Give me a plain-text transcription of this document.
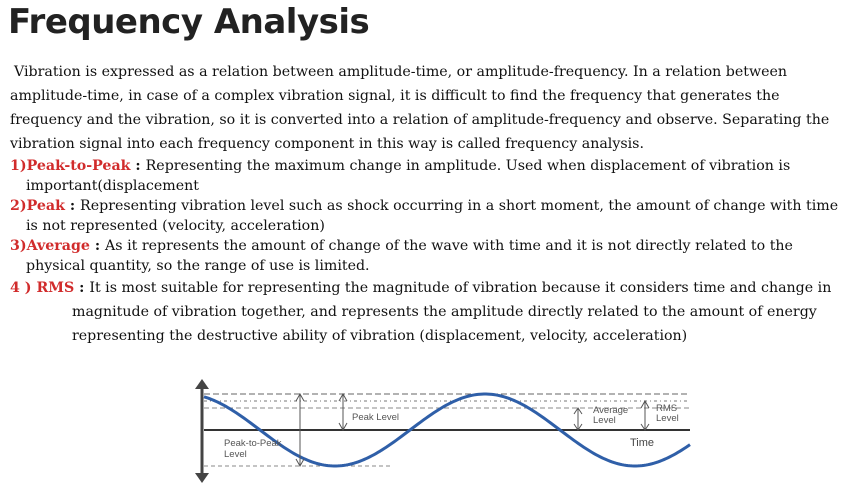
Frequency Analysis

Vibration is expressed as a relation between amplitude-time, or amplitude-frequency. In a relation between amplitude-time, in case of a complex vibration signal, it is difficult to find the frequency that generates the frequency and the vibration, so it is converted into a relation of amplitude-frequency and observe. Separating the vibration signal into each frequency component in this way is called frequency analysis.

1)Peak-to-Peak : Representing the maximum change in amplitude. Used when displacement of vibration is
important(displacement

2)Peak : Representing vibration level such as shock occurring in a short moment, the amount of change with time
is not represented (velocity, acceleration)

3)Average : As it represents the amount of change of the wave with time and it is not directly related to the
physical quantity, so the range of use is limited.

4 ) RMS : It is most suitable for representing the magnitude of vibration because it considers time and change in
magnitude of vibration together, and represents the amplitude directly related to the amount of energy representing the destructive ability of vibration (displacement, velocity, acceleration)

Peak Level
Peak-to-Peak
Level
Average
Level
RMS
Level
Time
